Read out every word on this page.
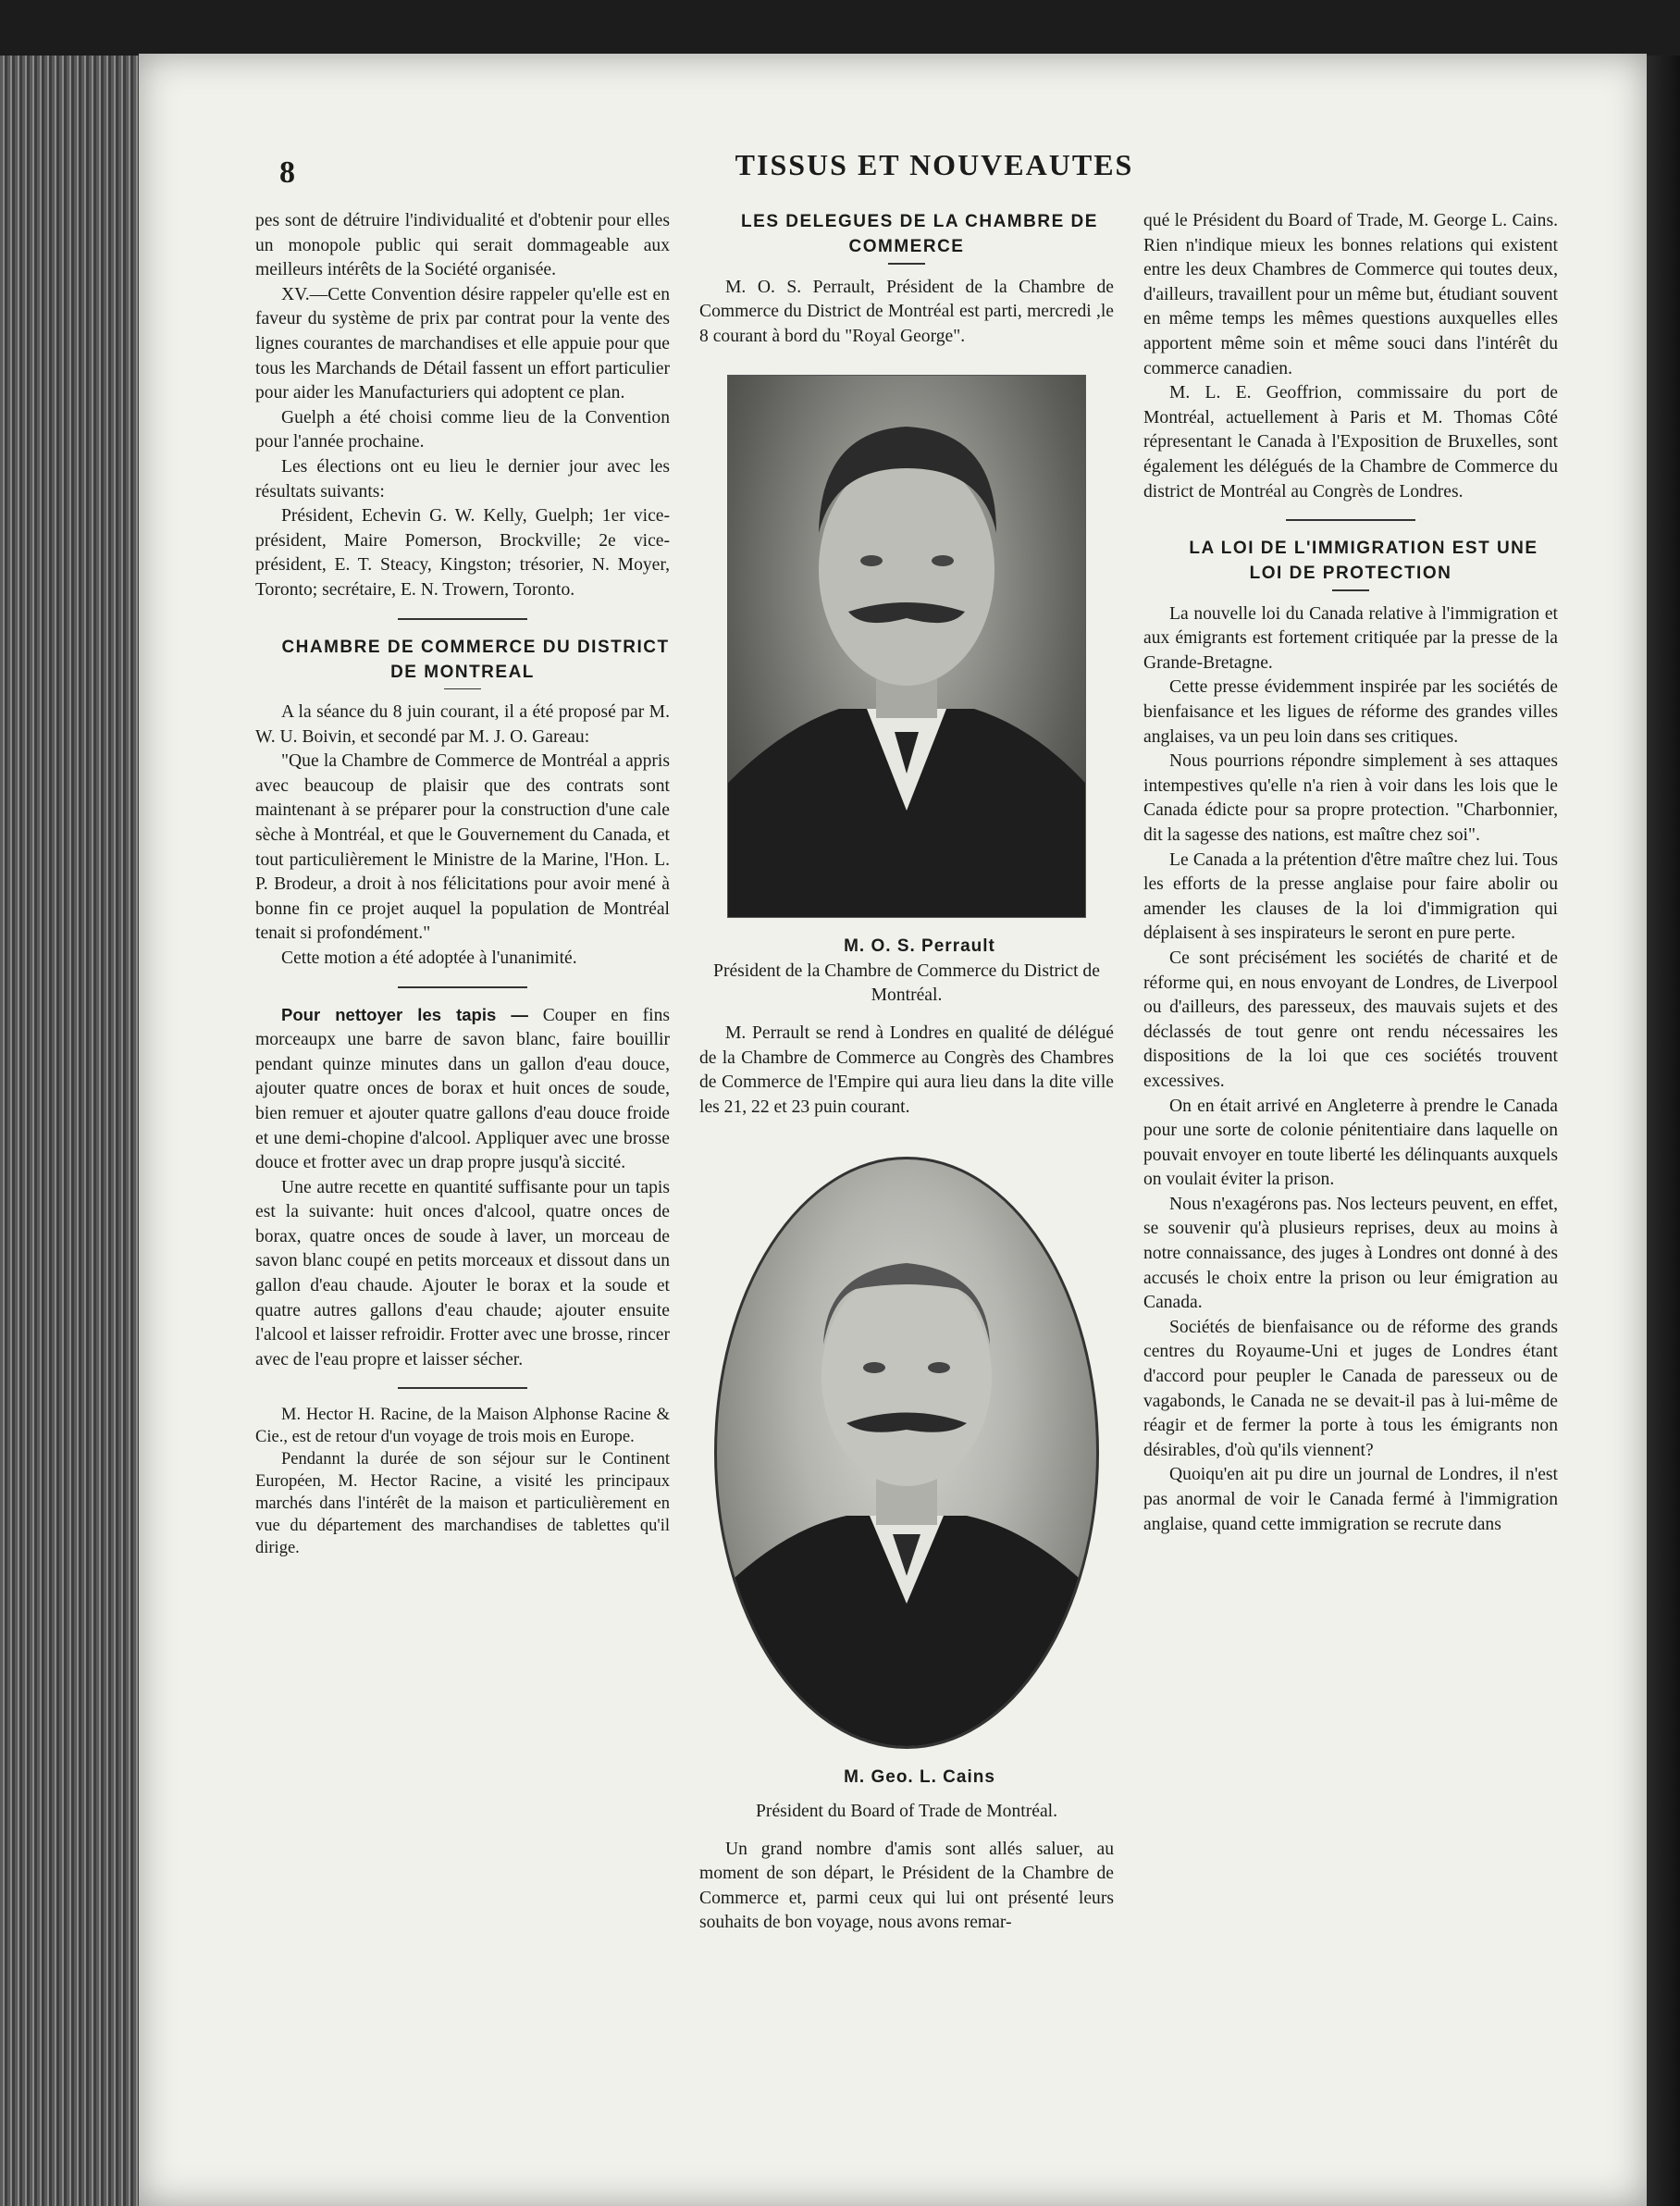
8	TISSUS ET NOUVEAUTES

pes sont de détruire l'individualité et d'obtenir pour elles un monopole public qui serait dommageable aux meilleurs intérêts de la Société organisée.

XV.—Cette Convention désire rappeler qu'elle est en faveur du système de prix par contrat pour la vente des lignes courantes de marchandises et elle appuie pour que tous les Marchands de Détail fassent un effort particulier pour aider les Manufacturiers qui adoptent ce plan.

Guelph a été choisi comme lieu de la Convention pour l'année prochaine.

Les élections ont eu lieu le dernier jour avec les résultats suivants:

Président, Echevin G. W. Kelly, Guelph; 1er vice-président, Maire Pomerson, Brockville; 2e vice-président, E. T. Steacy, Kingston; trésorier, N. Moyer, Toronto; secrétaire, E. N. Trowern, Toronto.

CHAMBRE DE COMMERCE DU DISTRICT DE MONTREAL

A la séance du 8 juin courant, il a été proposé par M. W. U. Boivin, et secondé par M. J. O. Gareau:

"Que la Chambre de Commerce de Montréal a appris avec beaucoup de plaisir que des contrats sont maintenant à se préparer pour la construction d'une cale sèche à Montréal, et que le Gouvernement du Canada, et tout particulièrement le Ministre de la Marine, l'Hon. L. P. Brodeur, a droit à nos félicitations pour avoir mené à bonne fin ce projet auquel la population de Montréal tenait si profondément."

Cette motion a été adoptée à l'unanimité.

Pour nettoyer les tapis — Couper en fins morceaupx une barre de savon blanc, faire bouillir pendant quinze minutes dans un gallon d'eau douce, ajouter quatre onces de borax et huit onces de soude, bien remuer et ajouter quatre gallons d'eau douce froide et une demi-chopine d'alcool. Appliquer avec une brosse douce et frotter avec un drap propre jusqu'à siccité.

Une autre recette en quantité suffisante pour un tapis est la suivante: huit onces d'alcool, quatre onces de borax, quatre onces de soude à laver, un morceau de savon blanc coupé en petits morceaux et dissout dans un gallon d'eau chaude. Ajouter le borax et la soude et quatre autres gallons d'eau chaude; ajouter ensuite l'alcool et laisser refroidir. Frotter avec une brosse, rincer avec de l'eau propre et laisser sécher.

M. Hector H. Racine, de la Maison Alphonse Racine & Cie., est de retour d'un voyage de trois mois en Europe.

Pendannt la durée de son séjour sur le Continent Européen, M. Hector Racine, a visité les principaux marchés dans l'intérêt de la maison et particulièrement en vue du département des marchandises de tablettes qu'il dirige.

LES DELEGUES DE LA CHAMBRE DE COMMERCE

M. O. S. Perrault, Président de la Chambre de Commerce du District de Montréal est parti, mercredi ,le 8 courant à bord du "Royal George".

M. O. S. Perrault

Président de la Chambre de Commerce du District de Montréal.

M. Perrault se rend à Londres en qualité de délégué de la Chambre de Commerce au Congrès des Chambres de Commerce de l'Empire qui aura lieu dans la dite ville les 21, 22 et 23 puin courant.

M. Geo. L. Cains

Président du Board of Trade de Montréal.

Un grand nombre d'amis sont allés saluer, au moment de son départ, le Président de la Chambre de Commerce et, parmi ceux qui lui ont présenté leurs souhaits de bon voyage, nous avons remar-

qué le Président du Board of Trade, M. George L. Cains. Rien n'indique mieux les bonnes relations qui existent entre les deux Chambres de Commerce qui toutes deux, d'ailleurs, travaillent pour un même but, étudiant souvent en même temps les mêmes questions auxquelles elles apportent même soin et même souci dans l'intérêt du commerce canadien.

M. L. E. Geoffrion, commissaire du port de Montréal, actuellement à Paris et M. Thomas Côté répresentant le Canada à l'Exposition de Bruxelles, sont également les délégués de la Chambre de Commerce du district de Montréal au Congrès de Londres.

LA LOI DE L'IMMIGRATION EST UNE LOI DE PROTECTION

La nouvelle loi du Canada relative à l'immigration et aux émigrants est fortement critiquée par la presse de la Grande-Bretagne.

Cette presse évidemment inspirée par les sociétés de bienfaisance et les ligues de réforme des grandes villes anglaises, va un peu loin dans ses critiques.

Nous pourrions répondre simplement à ses attaques intempestives qu'elle n'a rien à voir dans les lois que le Canada édicte pour sa propre protection. "Charbonnier, dit la sagesse des nations, est maître chez soi".

Le Canada a la prétention d'être maître chez lui. Tous les efforts de la presse anglaise pour faire abolir ou amender les clauses de la loi d'immigration qui déplaisent à ses inspirateurs le seront en pure perte.

Ce sont précisément les sociétés de charité et de réforme qui, en nous envoyant de Londres, de Liverpool ou d'ailleurs, des paresseux, des mauvais sujets et des déclassés de tout genre ont rendu nécessaires les dispositions de la loi que ces sociétés trouvent excessives.

On en était arrivé en Angleterre à prendre le Canada pour une sorte de colonie pénitentiaire dans laquelle on pouvait envoyer en toute liberté les délinquants auxquels on voulait éviter la prison.

Nous n'exagérons pas. Nos lecteurs peuvent, en effet, se souvenir qu'à plusieurs reprises, deux au moins à notre connaissance, des juges à Londres ont donné à des accusés le choix entre la prison ou leur émigration au Canada.

Sociétés de bienfaisance ou de réforme des grands centres du Royaume-Uni et juges de Londres étant d'accord pour peupler le Canada de paresseux ou de vagabonds, le Canada ne se devait-il pas à lui-même de réagir et de fermer la porte à tous les émigrants non désirables, d'où qu'ils viennent?

Quoiqu'en ait pu dire un journal de Londres, il n'est pas anormal de voir le Canada fermé à l'immigration anglaise, quand cette immigration se recrute dans
